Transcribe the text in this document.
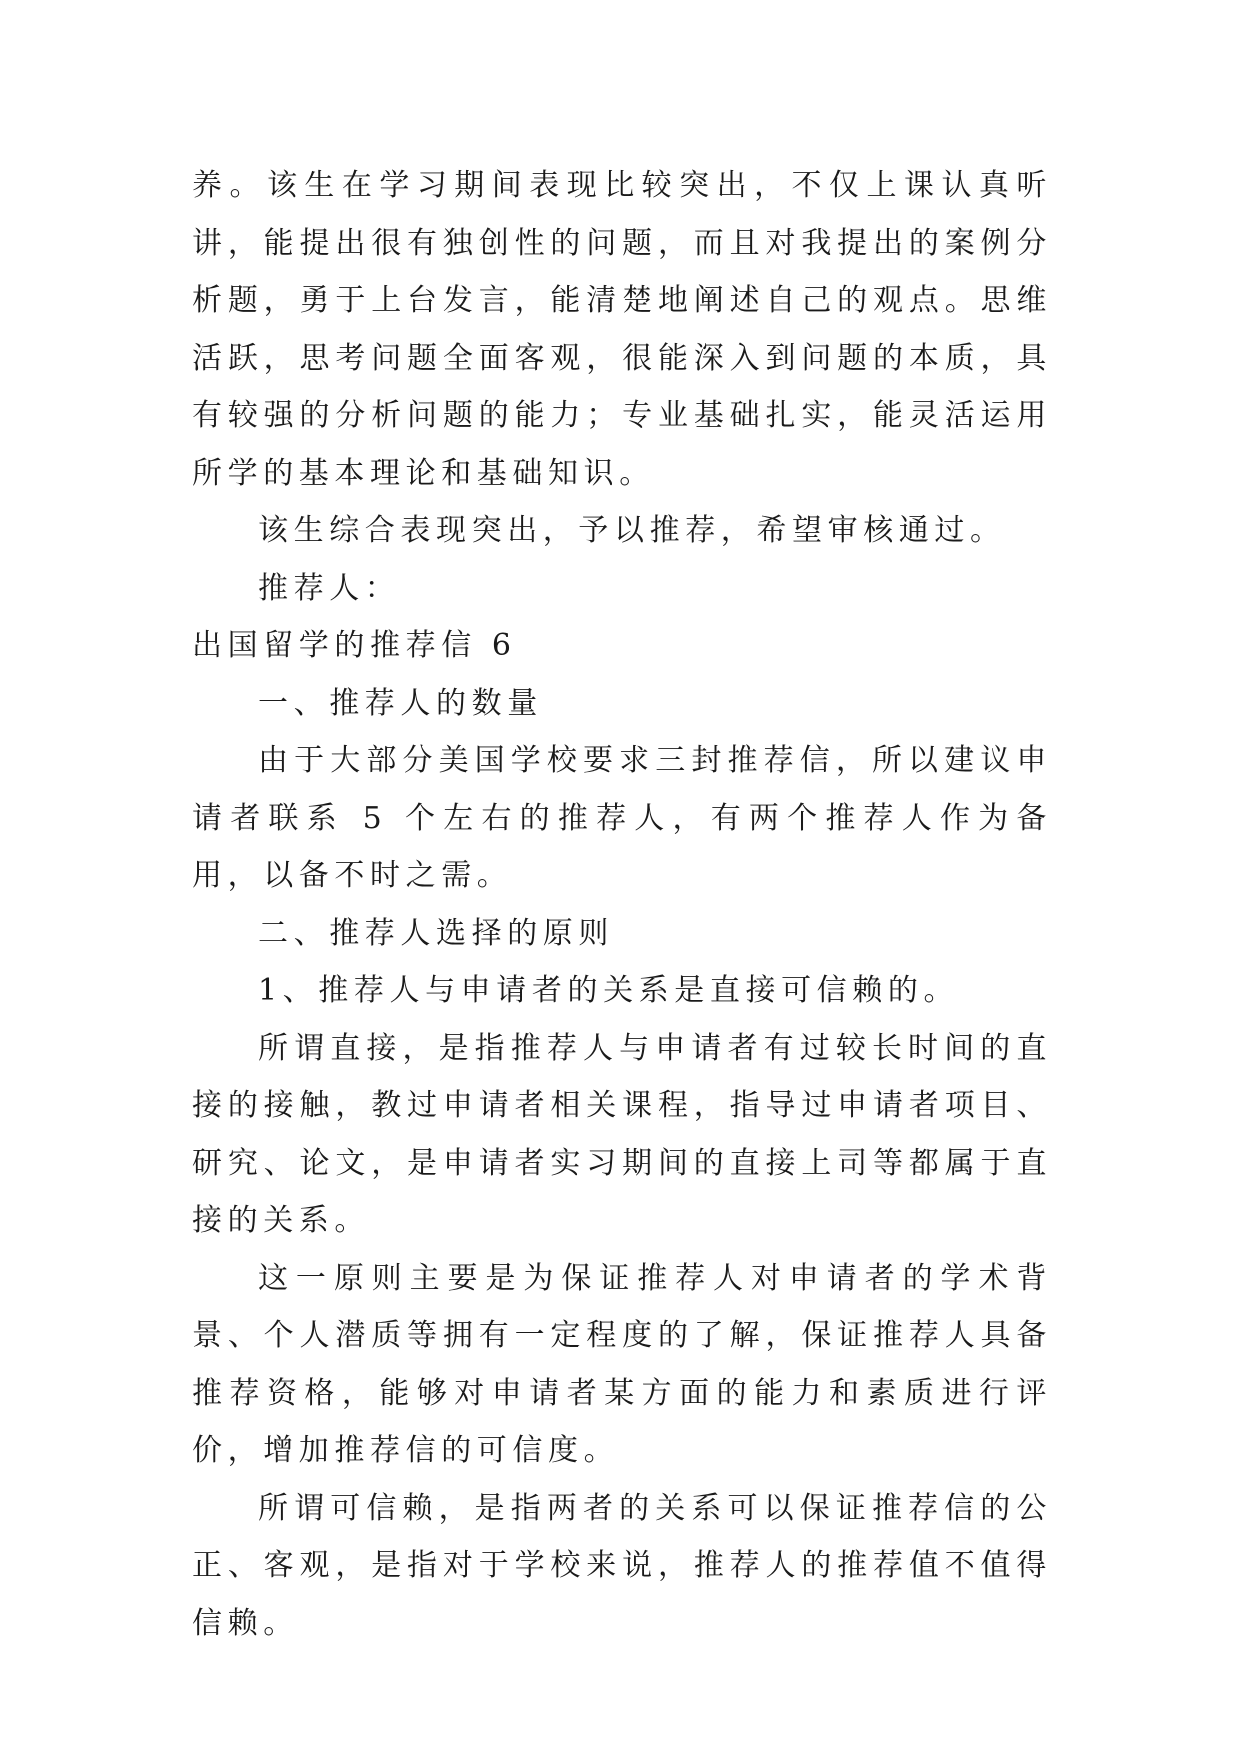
养。该生在学习期间表现比较突出，不仅上课认真听讲，能提出很有独创性的问题，而且对我提出的案例分析题，勇于上台发言，能清楚地阐述自己的观点。思维活跃，思考问题全面客观，很能深入到问题的本质，具有较强的分析问题的能力；专业基础扎实，能灵活运用所学的基本理论和基础知识。

该生综合表现突出，予以推荐，希望审核通过。

推荐人：

出国留学的推荐信 6

一、推荐人的数量

由于大部分美国学校要求三封推荐信，所以建议申请者联系 5 个左右的推荐人，有两个推荐人作为备用，以备不时之需。

二、推荐人选择的原则

1、推荐人与申请者的关系是直接可信赖的。

所谓直接，是指推荐人与申请者有过较长时间的直接的接触，教过申请者相关课程，指导过申请者项目、研究、论文，是申请者实习期间的直接上司等都属于直接的关系。

这一原则主要是为保证推荐人对申请者的学术背景、个人潜质等拥有一定程度的了解，保证推荐人具备推荐资格，能够对申请者某方面的能力和素质进行评价，增加推荐信的可信度。

所谓可信赖，是指两者的关系可以保证推荐信的公正、客观，是指对于学校来说，推荐人的推荐值不值得信赖。
